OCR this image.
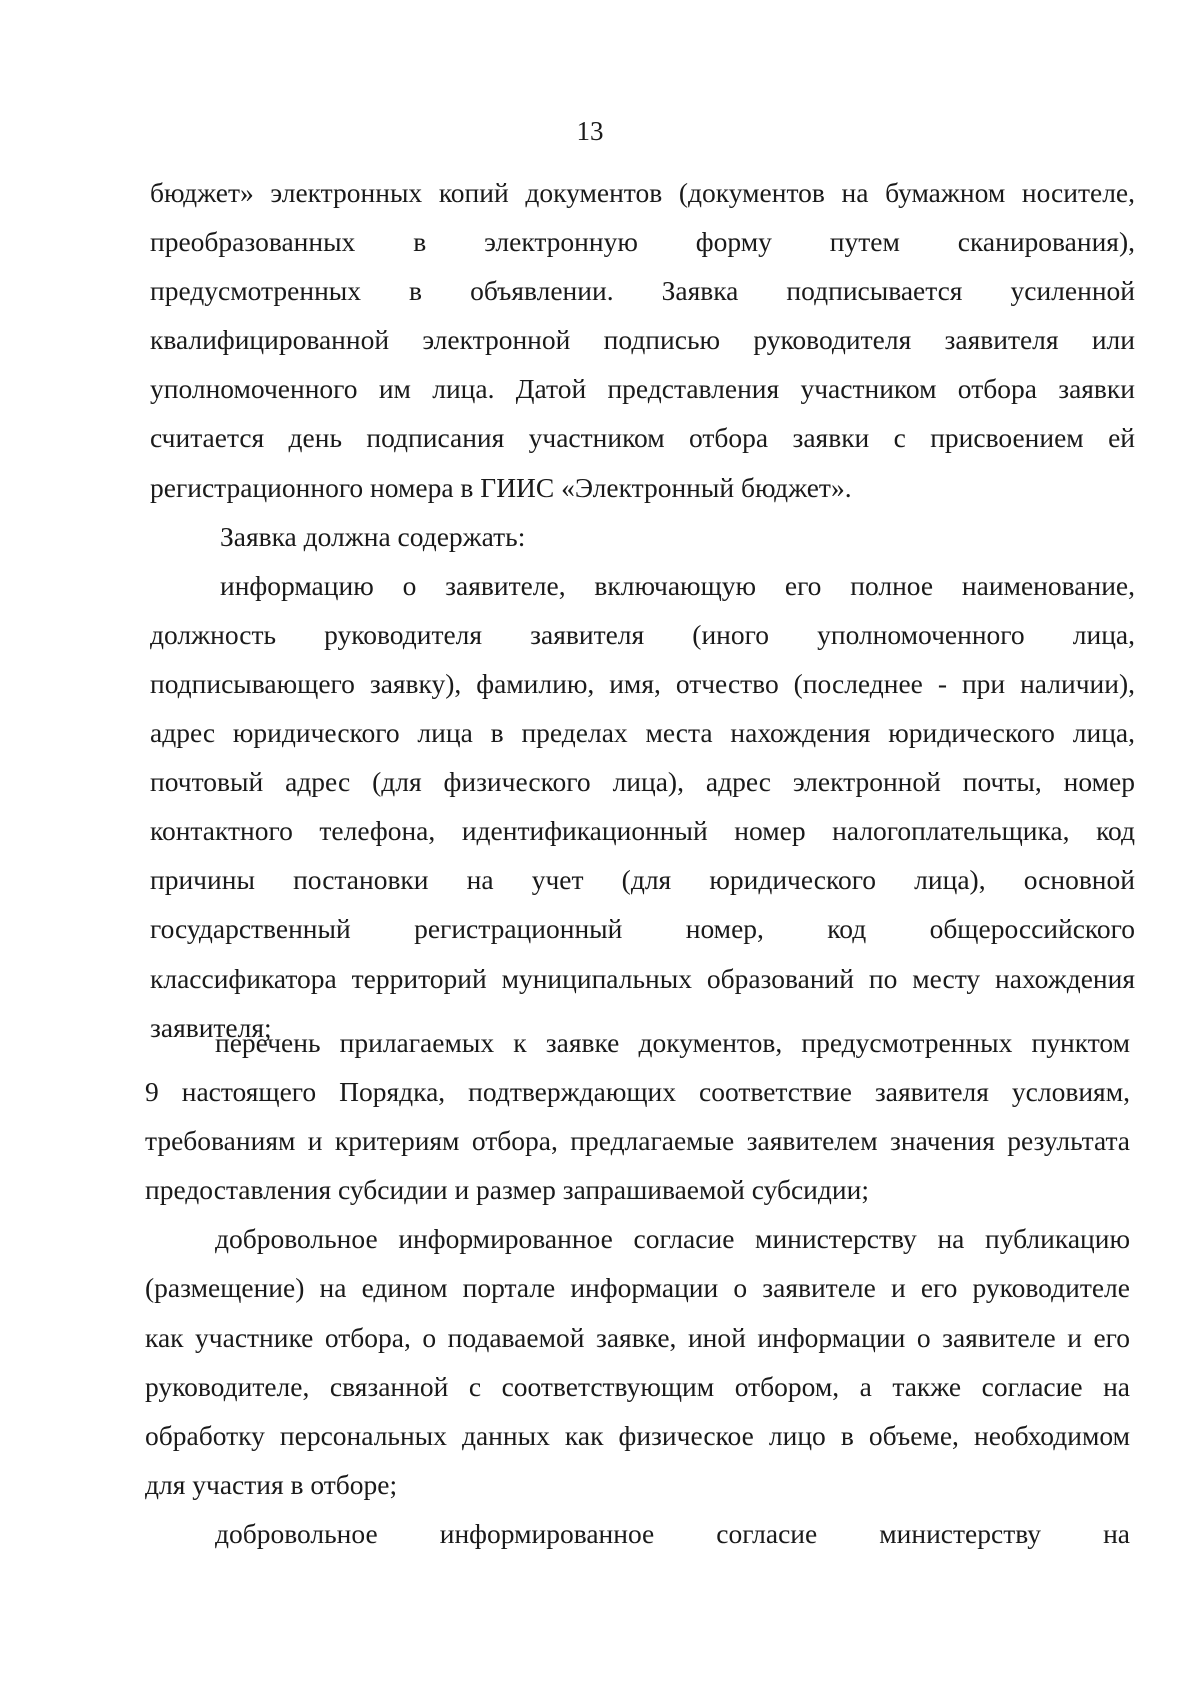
13

бюджет» электронных копий документов (документов на бумажном носителе,
преобразованных в электронную форму путем сканирования),
предусмотренных в объявлении. Заявка подписывается усиленной
квалифицированной электронной подписью руководителя заявителя или
уполномоченного им лица. Датой представления участником отбора заявки
считается день подписания участником отбора заявки с присвоением ей
регистрационного номера в ГИИС «Электронный бюджет».

Заявка должна содержать:

информацию о заявителе, включающую его полное наименование,
должность руководителя заявителя (иного уполномоченного лица,
подписывающего заявку), фамилию, имя, отчество (последнее - при наличии),
адрес юридического лица в пределах места нахождения юридического лица,
почтовый адрес (для физического лица), адрес электронной почты, номер
контактного телефона, идентификационный номер налогоплательщика, код
причины постановки на учет (для юридического лица), основной
государственный регистрационный номер, код общероссийского
классификатора территорий муниципальных образований по месту нахождения
заявителя;

перечень прилагаемых к заявке документов, предусмотренных пунктом
9 настоящего Порядка, подтверждающих соответствие заявителя условиям,
требованиям и критериям отбора, предлагаемые заявителем значения результата
предоставления субсидии и размер запрашиваемой субсидии;

добровольное информированное согласие министерству на публикацию
(размещение) на едином портале информации о заявителе и его руководителе
как участнике отбора, о подаваемой заявке, иной информации о заявителе и его
руководителе, связанной с соответствующим отбором, а также согласие на
обработку персональных данных как физическое лицо в объеме, необходимом
для участия в отборе;

добровольное информированное согласие министерству на
